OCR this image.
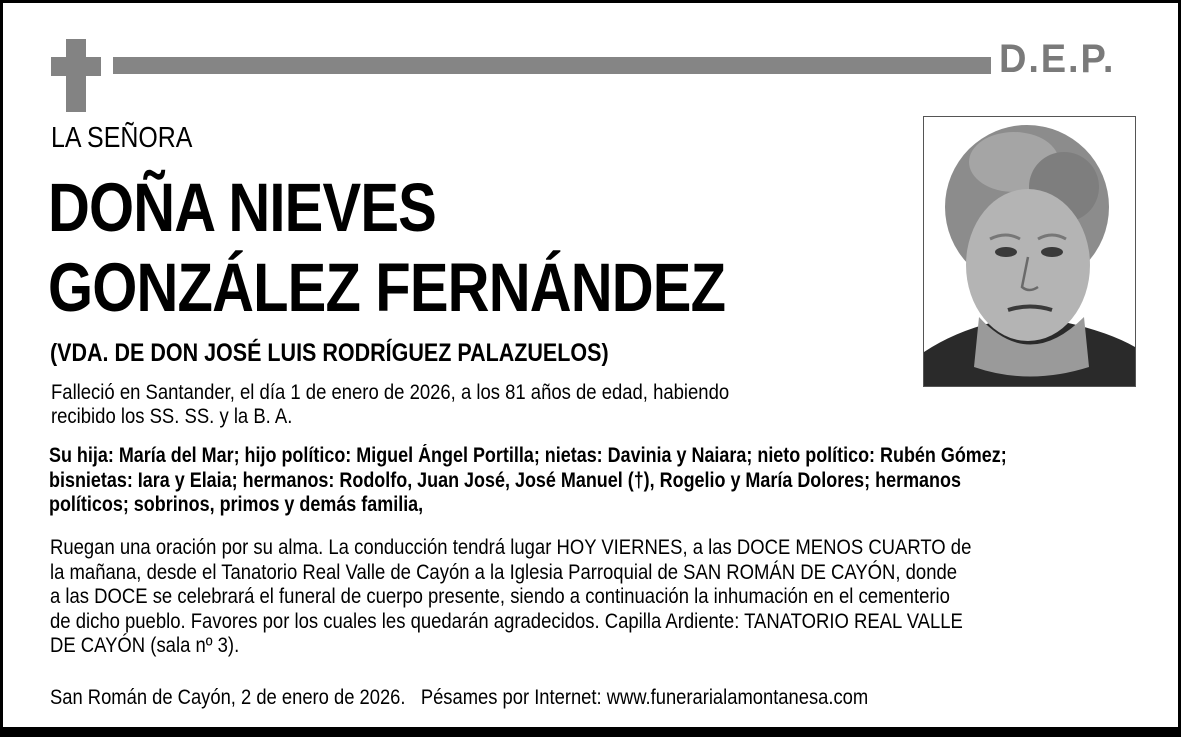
D.E.P.
LA SEÑORA
DOÑA NIEVES
GONZÁLEZ FERNÁNDEZ
(VDA. DE DON JOSÉ LUIS RODRÍGUEZ PALAZUELOS)
Falleció en Santander, el día 1 de enero de 2026, a los 81 años de edad, habiendo
recibido los SS. SS. y la B. A.
Su hija: María del Mar; hijo político: Miguel Ángel Portilla; nietas: Davinia y Naiara; nieto político: Rubén Gómez;
bisnietas: Iara y Elaia; hermanos: Rodolfo, Juan José, José Manuel (†), Rogelio y María Dolores; hermanos
políticos; sobrinos, primos y demás familia,
Ruegan una oración por su alma. La conducción tendrá lugar HOY VIERNES, a las DOCE MENOS CUARTO de
la mañana, desde el Tanatorio Real Valle de Cayón a la Iglesia Parroquial de SAN ROMÁN DE CAYÓN, donde
a las DOCE se celebrará el funeral de cuerpo presente, siendo a continuación la inhumación en el cementerio
de dicho pueblo. Favores por los cuales les quedarán agradecidos. Capilla Ardiente: TANATORIO REAL VALLE
DE CAYÓN (sala nº 3).
San Román de Cayón, 2 de enero de 2026. Pésames por Internet: www.funerarialamontanesa.com
